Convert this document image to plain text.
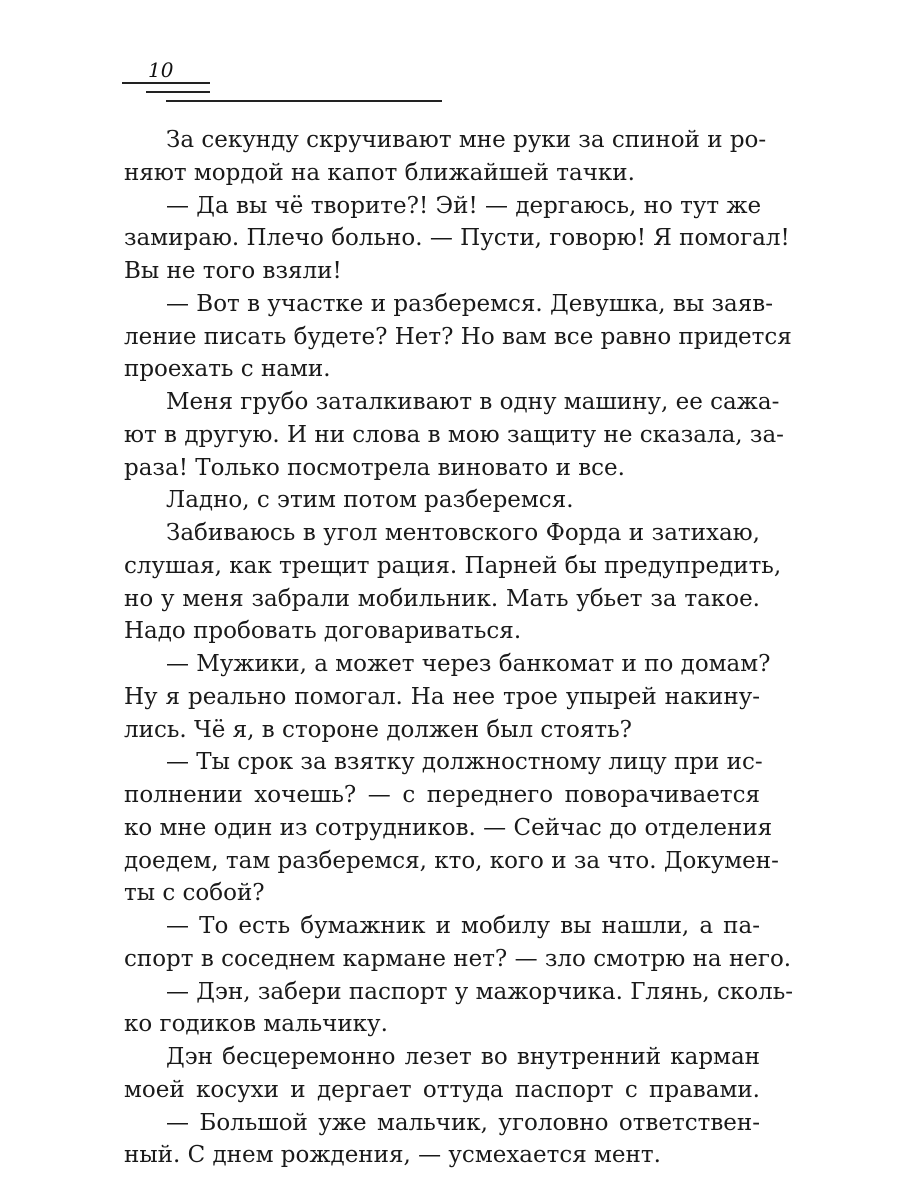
10
За секунду скручивают мне руки за спиной и ро-
няют мордой на капот ближайшей тачки.
— Да вы чё творите?! Эй! — дергаюсь, но тут же
замираю. Плечо больно. — Пусти, говорю! Я помогал!
Вы не того взяли!
— Вот в участке и разберемся. Девушка, вы заяв-
ление писать будете? Нет? Но вам все равно придется
проехать с нами.
Меня грубо заталкивают в одну машину, ее сажа-
ют в другую. И ни слова в мою защиту не сказала, за-
раза! Только посмотрела виновато и все.
Ладно, с этим потом разберемся.
Забиваюсь в угол ментовского Форда и затихаю,
слушая, как трещит рация. Парней бы предупредить,
но у меня забрали мобильник. Мать убьет за такое.
Надо пробовать договариваться.
— Мужики, а может через банкомат и по домам?
Ну я реально помогал. На нее трое упырей накину-
лись. Чё я, в стороне должен был стоять?
— Ты срок за взятку должностному лицу при ис-
полнении хочешь? — с переднего поворачивается
ко мне один из сотрудников. — Сейчас до отделения
доедем, там разберемся, кто, кого и за что. Докумен-
ты с собой?
— То есть бумажник и мобилу вы нашли, а па-
спорт в соседнем кармане нет? — зло смотрю на него.
— Дэн, забери паспорт у мажорчика. Глянь, сколь-
ко годиков мальчику.
Дэн бесцеремонно лезет во внутренний карман
моей косухи и дергает оттуда паспорт с правами.
— Большой уже мальчик, уголовно ответствен-
ный. С днем рождения, — усмехается мент.
